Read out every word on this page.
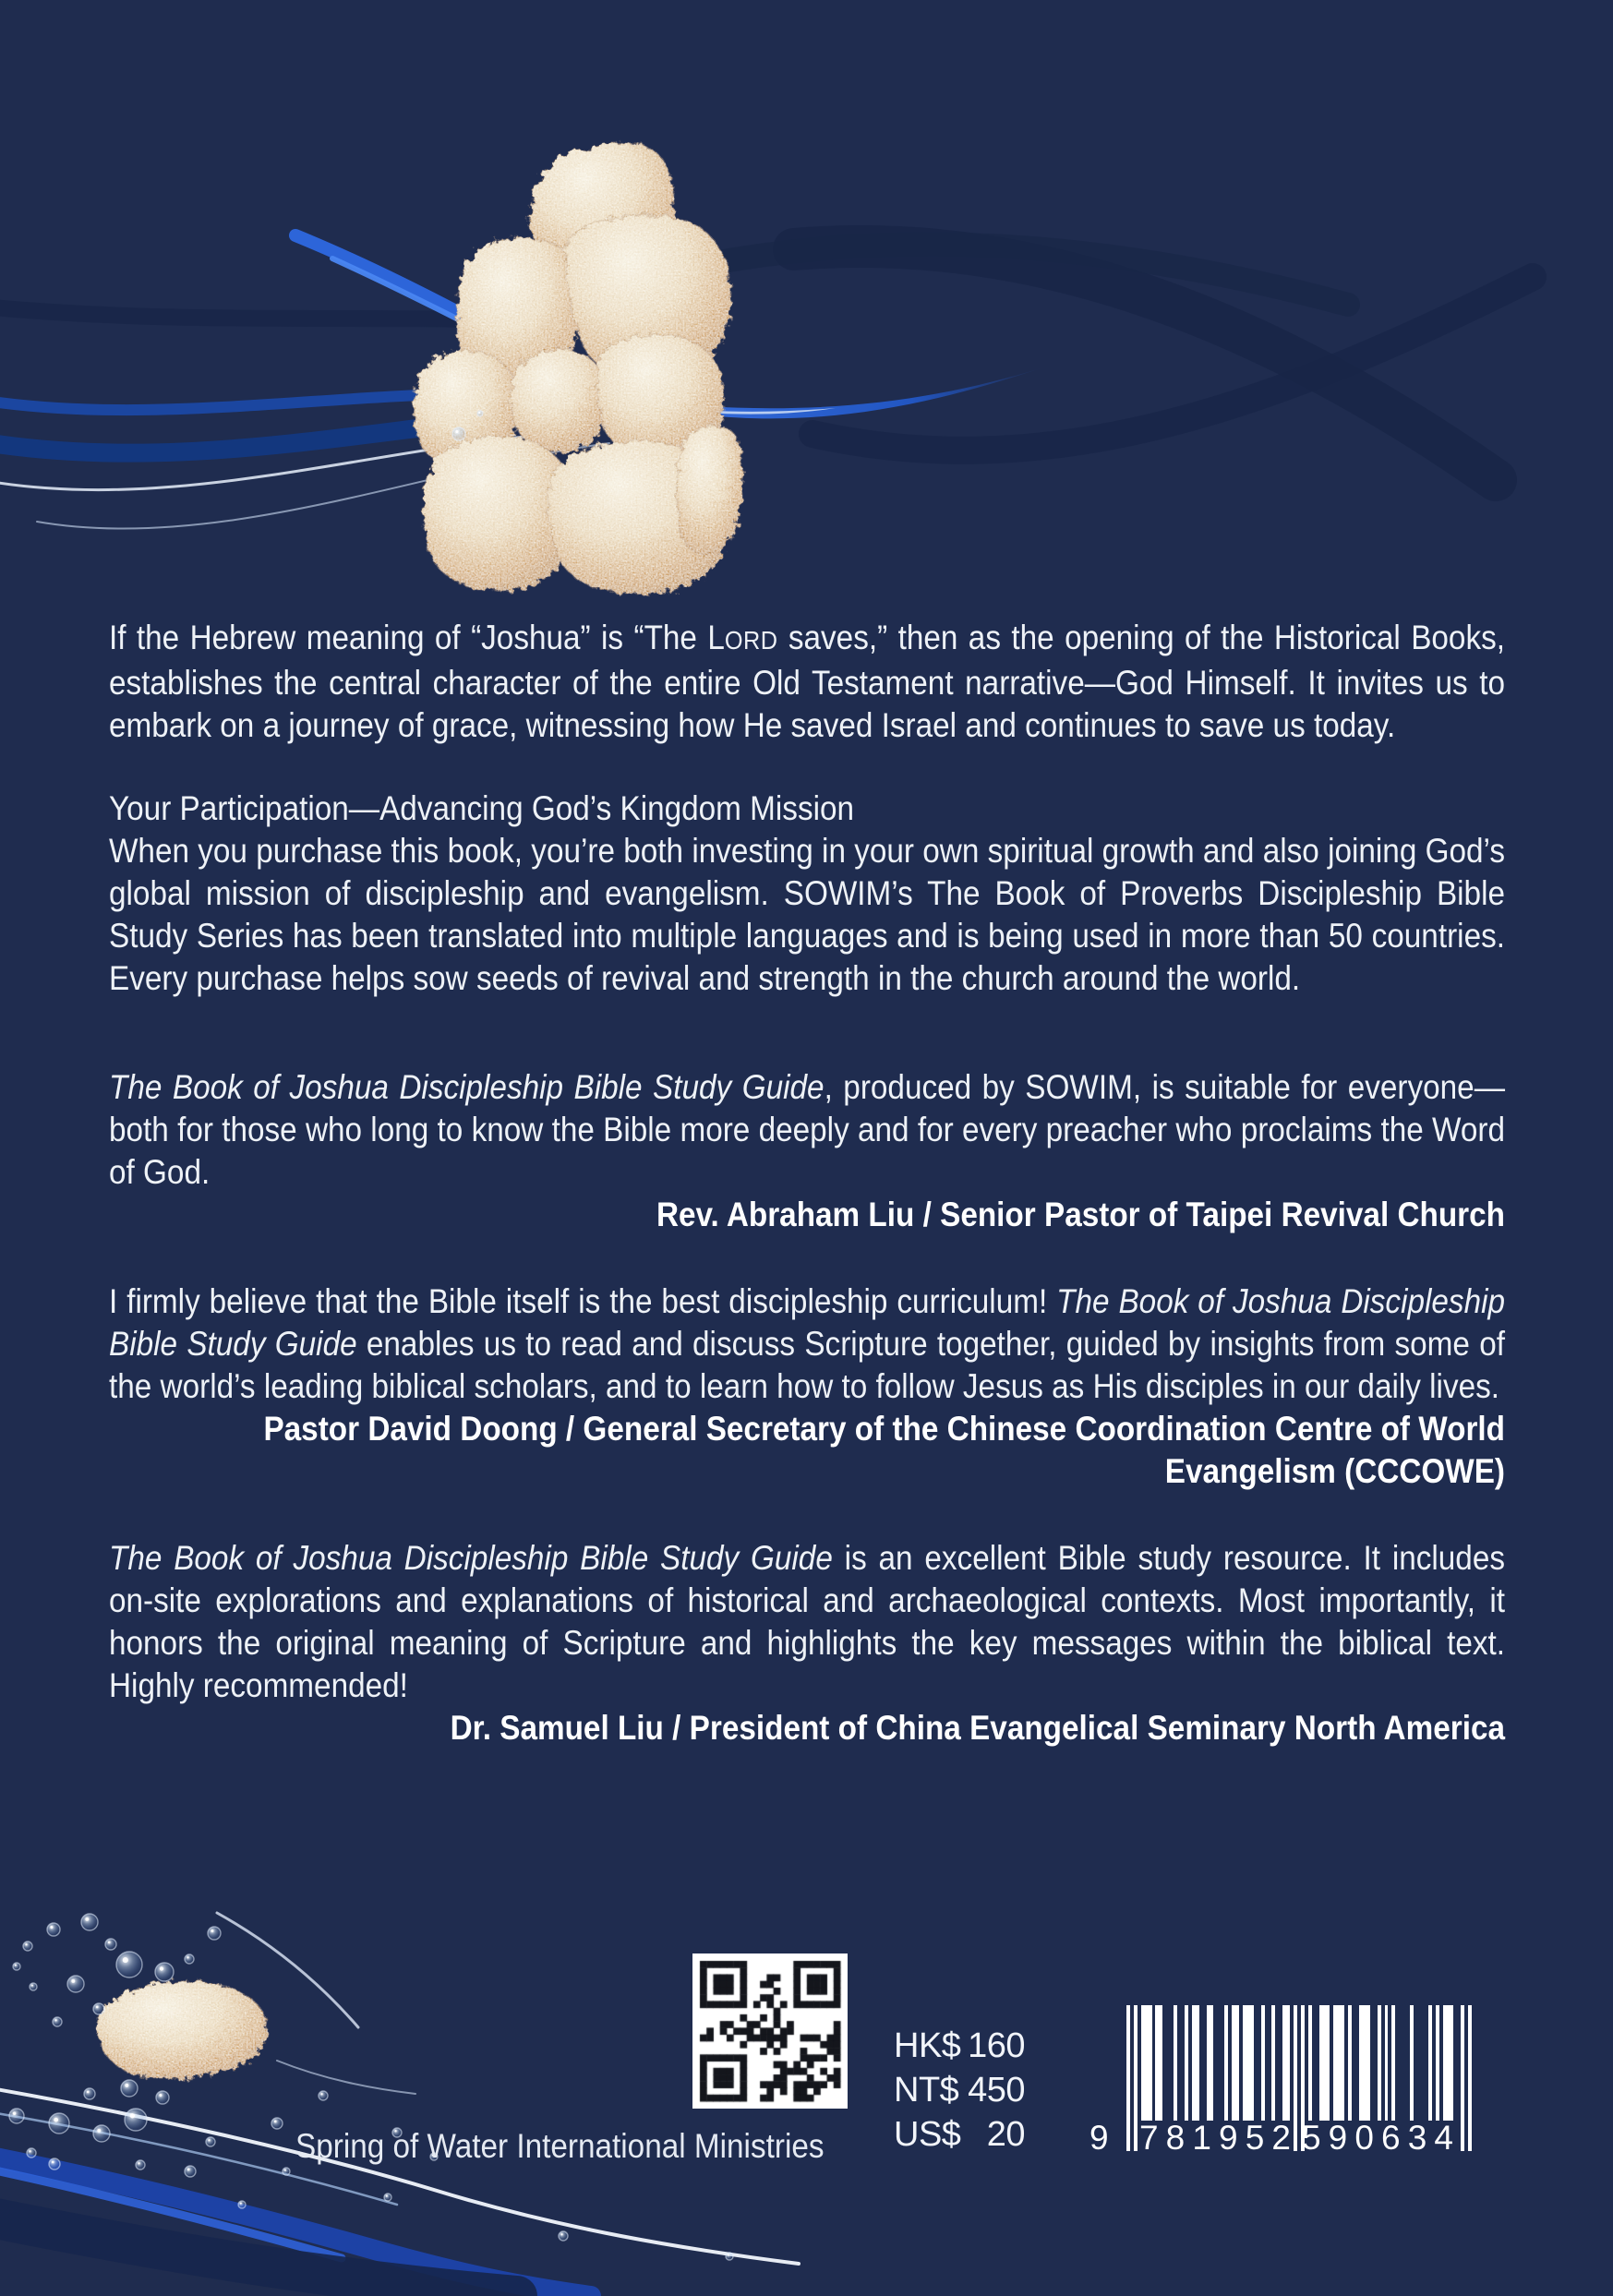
If the Hebrew meaning of “Joshua” is “The LORD saves,” then as the opening of the Historical Books, establishes the central character of the entire Old Testament narrative—God Himself. It invites us to embark on a journey of grace, witnessing how He saved Israel and continues to save us today.

Your Participation—Advancing God’s Kingdom Mission
When you purchase this book, you’re both investing in your own spiritual growth and also joining God’s global mission of discipleship and evangelism. SOWIM’s The Book of Proverbs Discipleship Bible Study Series has been translated into multiple languages and is being used in more than 50 countries. Every purchase helps sow seeds of revival and strength in the church around the world.

The Book of Joshua Discipleship Bible Study Guide, produced by SOWIM, is suitable for everyone—both for those who long to know the Bible more deeply and for every preacher who proclaims the Word of God.

Rev. Abraham Liu / Senior Pastor of Taipei Revival Church

I firmly believe that the Bible itself is the best discipleship curriculum! The Book of Joshua Discipleship Bible Study Guide enables us to read and discuss Scripture together, guided by insights from some of the world’s leading biblical scholars, and to learn how to follow Jesus as His disciples in our daily lives.

Pastor David Doong / General Secretary of the Chinese Coordination Centre of World Evangelism (CCCOWE)

The Book of Joshua Discipleship Bible Study Guide is an excellent Bible study resource. It includes on-site explorations and explanations of historical and archaeological contexts. Most importantly, it honors the original meaning of Scripture and highlights the key messages within the biblical text. Highly recommended!

Dr. Samuel Liu / President of China Evangelical Seminary North America

Spring of Water International Ministries
HK$ 160
NT$ 450
US$ 20 9 7 8 1 9 5 2 5 9 0 6 3 4
